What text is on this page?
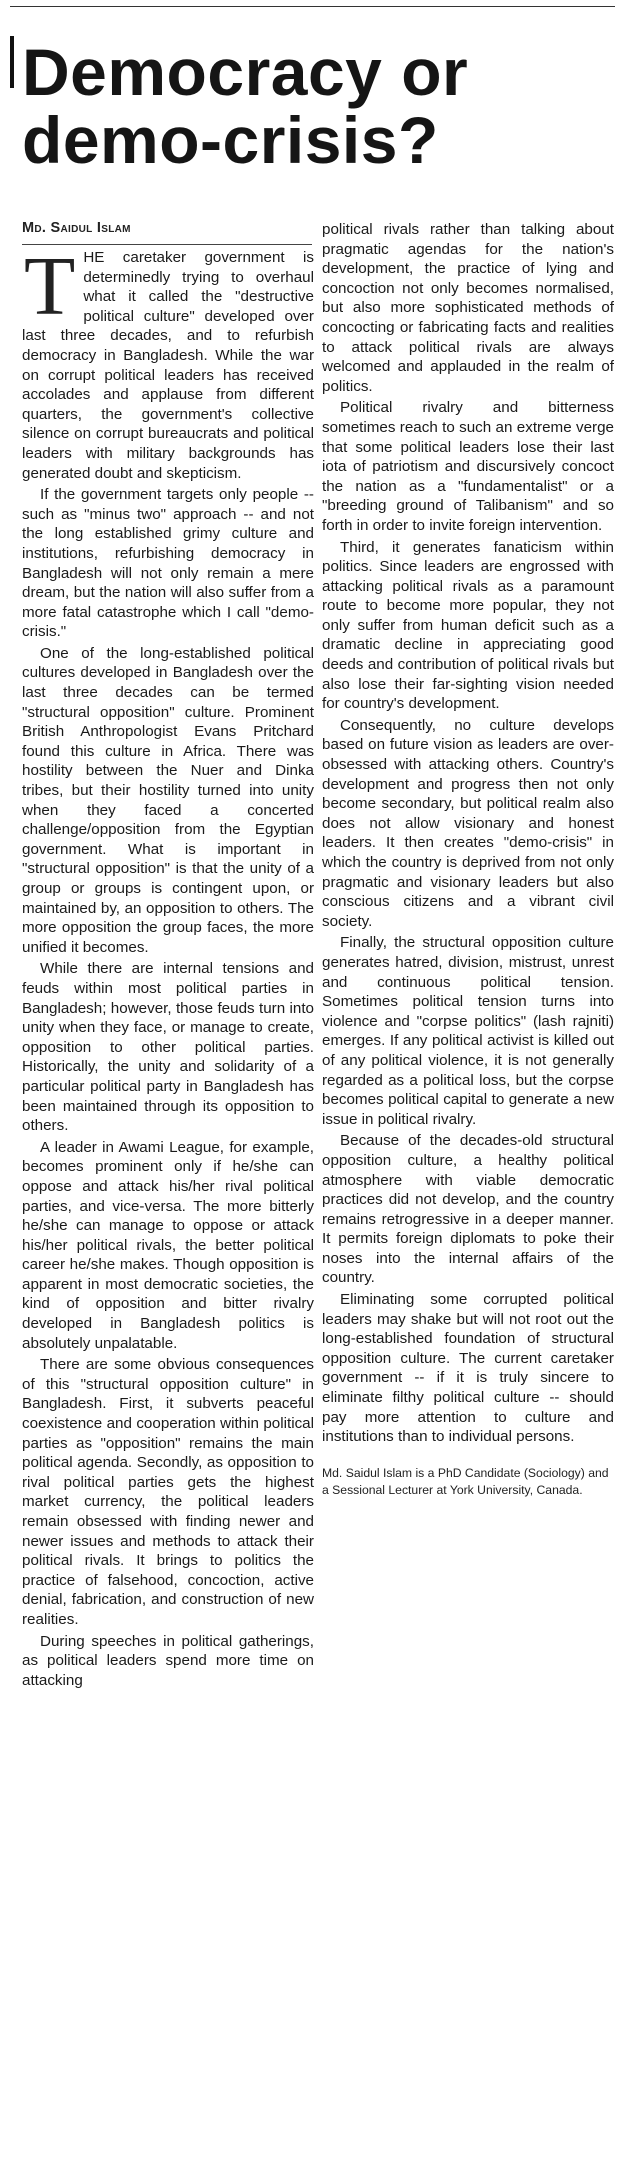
Democracy or demo-crisis?
Md. Saidul Islam

THE caretaker government is determinedly trying to overhaul what it called the "destructive political culture" developed over last three decades, and to refurbish democracy in Bangladesh. While the war on corrupt political leaders has received accolades and applause from different quarters, the government's collective silence on corrupt bureaucrats and political leaders with military backgrounds has generated doubt and skepticism.

If the government targets only people -- such as "minus two" approach -- and not the long established grimy culture and institutions, refurbishing democracy in Bangladesh will not only remain a mere dream, but the nation will also suffer from a more fatal catastrophe which I call "demo-crisis."

One of the long-established political cultures developed in Bangladesh over the last three decades can be termed "structural opposition" culture. Prominent British Anthropologist Evans Pritchard found this culture in Africa. There was hostility between the Nuer and Dinka tribes, but their hostility turned into unity when they faced a concerted challenge/opposition from the Egyptian government. What is important in "structural opposition" is that the unity of a group or groups is contingent upon, or maintained by, an opposition to others. The more opposition the group faces, the more unified it becomes.

While there are internal tensions and feuds within most political parties in Bangladesh; however, those feuds turn into unity when they face, or manage to create, opposition to other political parties. Historically, the unity and solidarity of a particular political party in Bangladesh has been maintained through its opposition to others.

A leader in Awami League, for example, becomes prominent only if he/she can oppose and attack his/her rival political parties, and vice-versa. The more bitterly he/she can manage to oppose or attack his/her political rivals, the better political career he/she makes. Though opposition is apparent in most democratic societies, the kind of opposition and bitter rivalry developed in Bangladesh politics is absolutely unpalatable.

There are some obvious consequences of this "structural opposition culture" in Bangladesh. First, it subverts peaceful coexistence and cooperation within political parties as "opposition" remains the main political agenda. Secondly, as opposition to rival political parties gets the highest market currency, the political leaders remain obsessed with finding newer and newer issues and methods to attack their political rivals. It brings to politics the practice of falsehood, concoction, active denial, fabrication, and construction of new realities.

During speeches in political gatherings, as political leaders spend more time on attacking

political rivals rather than talking about pragmatic agendas for the nation's development, the practice of lying and concoction not only becomes normalised, but also more sophisticated methods of concocting or fabricating facts and realities to attack political rivals are always welcomed and applauded in the realm of politics.

Political rivalry and bitterness sometimes reach to such an extreme verge that some political leaders lose their last iota of patriotism and discursively concoct the nation as a "fundamentalist" or a "breeding ground of Talibanism" and so forth in order to invite foreign intervention.

Third, it generates fanaticism within politics. Since leaders are engrossed with attacking political rivals as a paramount route to become more popular, they not only suffer from human deficit such as a dramatic decline in appreciating good deeds and contribution of political rivals but also lose their far-sighting vision needed for country's development.

Consequently, no culture develops based on future vision as leaders are over-obsessed with attacking others. Country's development and progress then not only become secondary, but political realm also does not allow visionary and honest leaders. It then creates "demo-crisis" in which the country is deprived from not only pragmatic and visionary leaders but also conscious citizens and a vibrant civil society.

Finally, the structural opposition culture generates hatred, division, mistrust, unrest and continuous political tension. Sometimes political tension turns into violence and "corpse politics" (lash rajniti) emerges. If any political activist is killed out of any political violence, it is not generally regarded as a political loss, but the corpse becomes political capital to generate a new issue in political rivalry.

Because of the decades-old structural opposition culture, a healthy political atmosphere with viable democratic practices did not develop, and the country remains retrogressive in a deeper manner. It permits foreign diplomats to poke their noses into the internal affairs of the country.

Eliminating some corrupted political leaders may shake but will not root out the long-established foundation of structural opposition culture. The current caretaker government -- if it is truly sincere to eliminate filthy political culture -- should pay more attention to culture and institutions than to individual persons.

Md. Saidul Islam is a PhD Candidate (Sociology) and a Sessional Lecturer at York University, Canada.
